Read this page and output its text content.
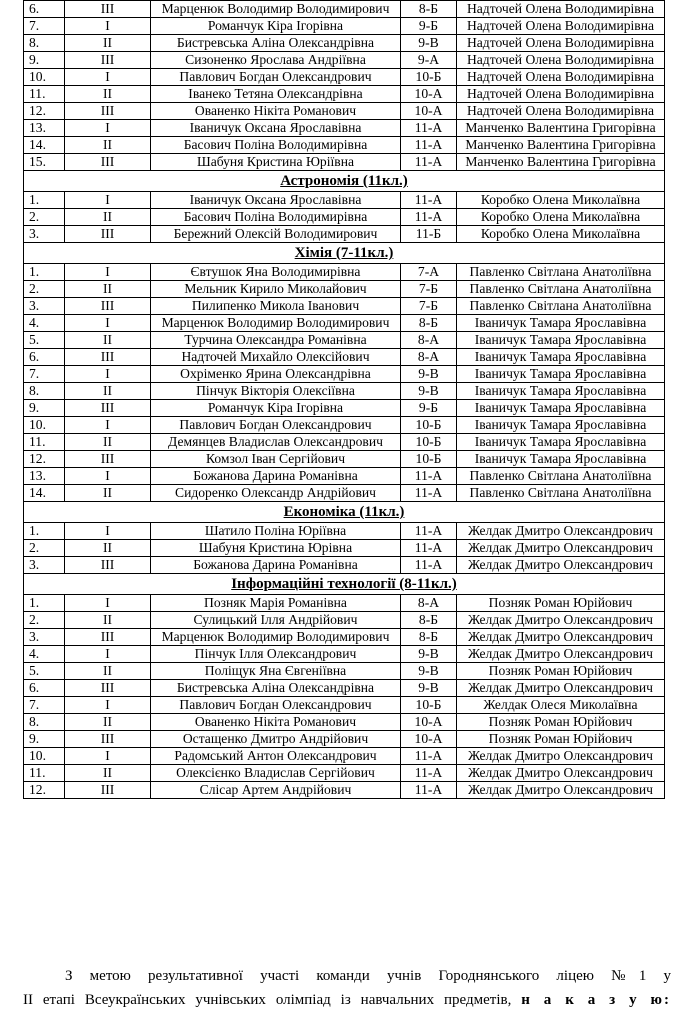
6.	ІІІ	Марценюк Володимир Володимирович	8-Б	Надточей Олена Володимирівна
7.	І	Романчук Кіра Ігорівна	9-Б	Надточей Олена Володимирівна
8.	ІІ	Бистревська Аліна Олександрівна	9-В	Надточей Олена Володимирівна
9.	ІІІ	Сизоненко Ярослава Андріївна	9-А	Надточей Олена Володимирівна
10.	І	Павлович Богдан Олександрович	10-Б	Надточей Олена Володимирівна
11.	ІІ	Іванеко Тетяна Олександрівна	10-А	Надточей Олена Володимирівна
12.	ІІІ	Ованенко Нікіта Романович	10-А	Надточей Олена Володимирівна
13.	І	Іваничук Оксана Ярославівна	11-А	Манченко Валентина Григорівна
14.	ІІ	Басович Поліна Володимирівна	11-А	Манченко Валентина Григорівна
15.	ІІІ	Шабуня Кристина Юріївна	11-А	Манченко Валентина Григорівна
Астрономія (11кл.)				
1.	І	Іваничук Оксана Ярославівна	11-А	Коробко Олена Миколаївна
2.	ІІ	Басович Поліна Володимирівна	11-А	Коробко Олена Миколаївна
3.	ІІІ	Бережний Олексій Володимирович	11-Б	Коробко Олена Миколаївна
Хімія (7-11кл.)				
1.	І	Євтушок Яна Володимирівна	7-А	Павленко Світлана Анатоліївна
2.	ІІ	Мельник Кирило Миколайович	7-Б	Павленко Світлана Анатоліївна
3.	ІІІ	Пилипенко Микола Іванович	7-Б	Павленко Світлана Анатоліївна
4.	І	Марценюк Володимир Володимирович	8-Б	Іваничук Тамара Ярославівна
5.	ІІ	Турчина Олександра Романівна	8-А	Іваничук Тамара Ярославівна
6.	ІІІ	Надточей Михайло Олексійович	8-А	Іваничук Тамара Ярославівна
7.	І	Охріменко Ярина Олександрівна	9-В	Іваничук Тамара Ярославівна
8.	ІІ	Пінчук Вікторія Олексіївна	9-В	Іваничук Тамара Ярославівна
9.	ІІІ	Романчук Кіра Ігорівна	9-Б	Іваничук Тамара Ярославівна
10.	І	Павлович Богдан Олександрович	10-Б	Іваничук Тамара Ярославівна
11.	ІІ	Демянцев Владислав Олександрович	10-Б	Іваничук Тамара Ярославівна
12.	ІІІ	Комзол Іван Сергійович	10-Б	Іваничук Тамара Ярославівна
13.	І	Божанова Дарина Романівна	11-А	Павленко Світлана Анатоліївна
14.	ІІ	Сидоренко Олександр Андрійович	11-А	Павленко Світлана Анатоліївна
Економіка (11кл.)				
1.	І	Шатило Поліна Юріївна	11-А	Желдак Дмитро Олександрович
2.	ІІ	Шабуня Кристина Юрівна	11-А	Желдак Дмитро Олександрович
3.	ІІІ	Божанова Дарина Романівна	11-А	Желдак Дмитро Олександрович
Інформаційні технології (8-11кл.)				
1.	І	Позняк Марія Романівна	8-А	Позняк Роман Юрійович
2.	ІІ	Сулицький Ілля Андрійович	8-Б	Желдак Дмитро Олександрович
3.	ІІІ	Марценюк Володимир Володимирович	8-Б	Желдак Дмитро Олександрович
4.	І	Пінчук Ілля Олександрович	9-В	Желдак Дмитро Олександрович
5.	ІІ	Поліщук Яна Євгеніївна	9-В	Позняк Роман Юрійович
6.	ІІІ	Бистревська Аліна Олександрівна	9-В	Желдак Дмитро Олександрович
7.	І	Павлович Богдан Олександрович	10-Б	Желдак Олеся Миколаївна
8.	ІІ	Ованенко Нікіта Романович	10-А	Позняк Роман Юрійович
9.	ІІІ	Остащенко Дмитро Андрійович	10-А	Позняк Роман Юрійович
10.	І	Радомський Антон Олександрович	11-А	Желдак Дмитро Олександрович
11.	ІІ	Олексієнко Владислав Сергійович	11-А	Желдак Дмитро Олександрович
12.	ІІІ	Слісар Артем Андрійович	11-А	Желдак Дмитро Олександрович
З метою результативної участі команди учнів Городнянського ліцею №1 у
ІІ етапі Всеукраїнських учнівських олімпіад із навчальних предметів, н а к а з у ю:
